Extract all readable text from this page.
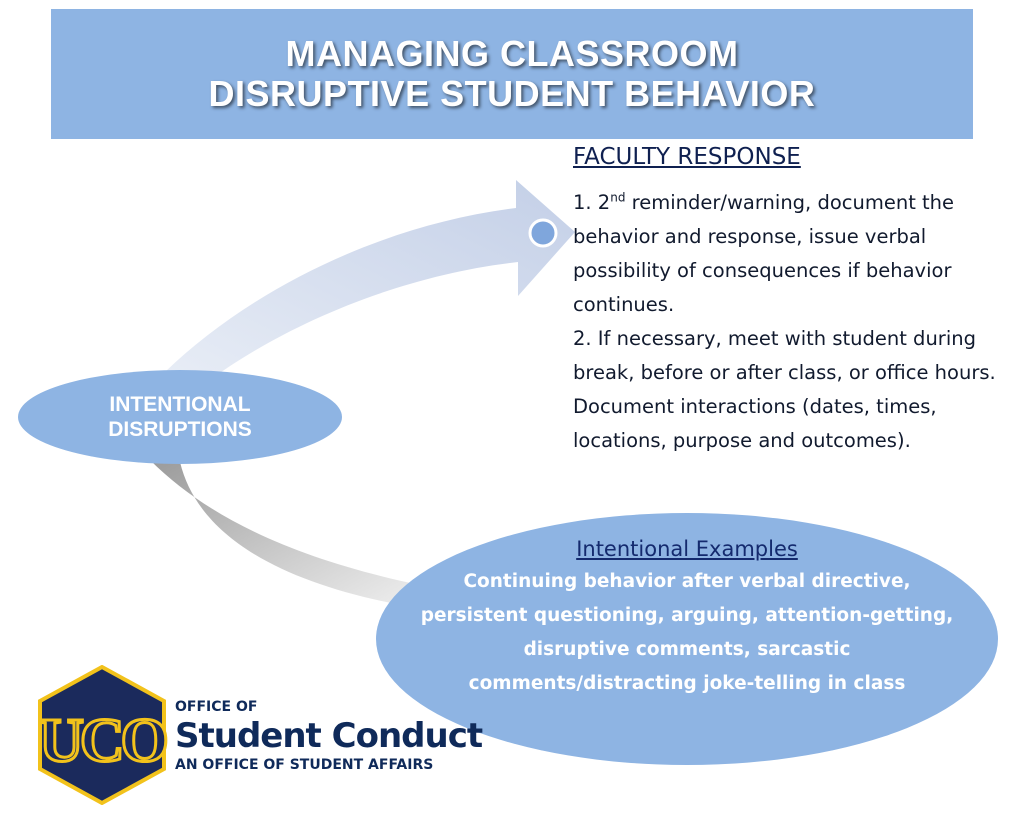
MANAGING CLASSROOM
DISRUPTIVE STUDENT BEHAVIOR
INTENTIONAL
DISRUPTIONS
FACULTY RESPONSE

1. 2nd reminder/warning, document the behavior and response, issue verbal possibility of consequences if behavior continues.

2. If necessary, meet with student during break, before or after class, or office hours. Document interactions (dates, times, locations, purpose and outcomes).

Intentional Examples
Continuing behavior after verbal directive, persistent questioning, arguing, attention-getting, disruptive comments, sarcastic comments/distracting joke-telling in class
UCO OFFICE OF
Student Conduct
AN OFFICE OF STUDENT AFFAIRS
